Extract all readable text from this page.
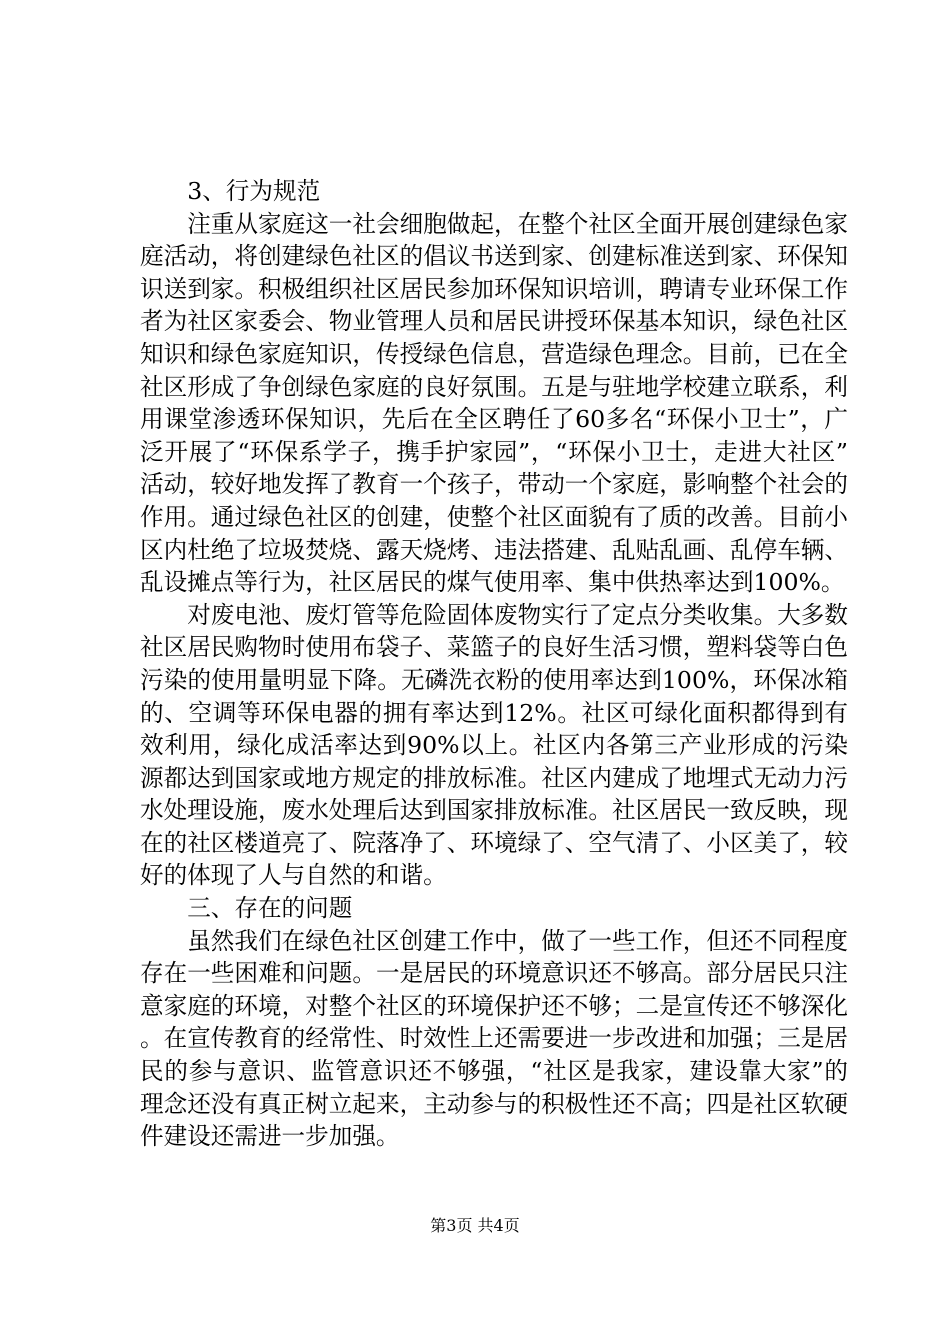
3、行为规范

注重从家庭这一社会细胞做起，在整个社区全面开展创建绿色家庭活动，将创建绿色社区的倡议书送到家、创建标准送到家、环保知识送到家。积极组织社区居民参加环保知识培训，聘请专业环保工作者为社区家委会、物业管理人员和居民讲授环保基本知识，绿色社区知识和绿色家庭知识，传授绿色信息，营造绿色理念。目前，已在全社区形成了争创绿色家庭的良好氛围。五是与驻地学校建立联系，利用课堂渗透环保知识，先后在全区聘任了60多名“环保小卫士”，广泛开展了“环保系学子，携手护家园”，“环保小卫士，走进大社区”活动，较好地发挥了教育一个孩子，带动一个家庭，影响整个社会的作用。通过绿色社区的创建，使整个社区面貌有了质的改善。目前小区内杜绝了垃圾焚烧、露天烧烤、违法搭建、乱贴乱画、乱停车辆、乱设摊点等行为，社区居民的煤气使用率、集中供热率达到100%。

对废电池、废灯管等危险固体废物实行了定点分类收集。大多数社区居民购物时使用布袋子、菜篮子的良好生活习惯，塑料袋等白色污染的使用量明显下降。无磷洗衣粉的使用率达到100%，环保冰箱的、空调等环保电器的拥有率达到12%。社区可绿化面积都得到有效利用，绿化成活率达到90%以上。社区内各第三产业形成的污染源都达到国家或地方规定的排放标准。社区内建成了地埋式无动力污水处理设施，废水处理后达到国家排放标准。社区居民一致反映，现在的社区楼道亮了、院落净了、环境绿了、空气清了、小区美了，较好的体现了人与自然的和谐。

三、存在的问题

虽然我们在绿色社区创建工作中，做了一些工作，但还不同程度存在一些困难和问题。一是居民的环境意识还不够高。部分居民只注意家庭的环境，对整个社区的环境保护还不够；二是宣传还不够深化。在宣传教育的经常性、时效性上还需要进一步改进和加强；三是居民的参与意识、监管意识还不够强，“社区是我家，建设靠大家”的理念还没有真正树立起来，主动参与的积极性还不高；四是社区软硬件建设还需进一步加强。

第3页 共4页
